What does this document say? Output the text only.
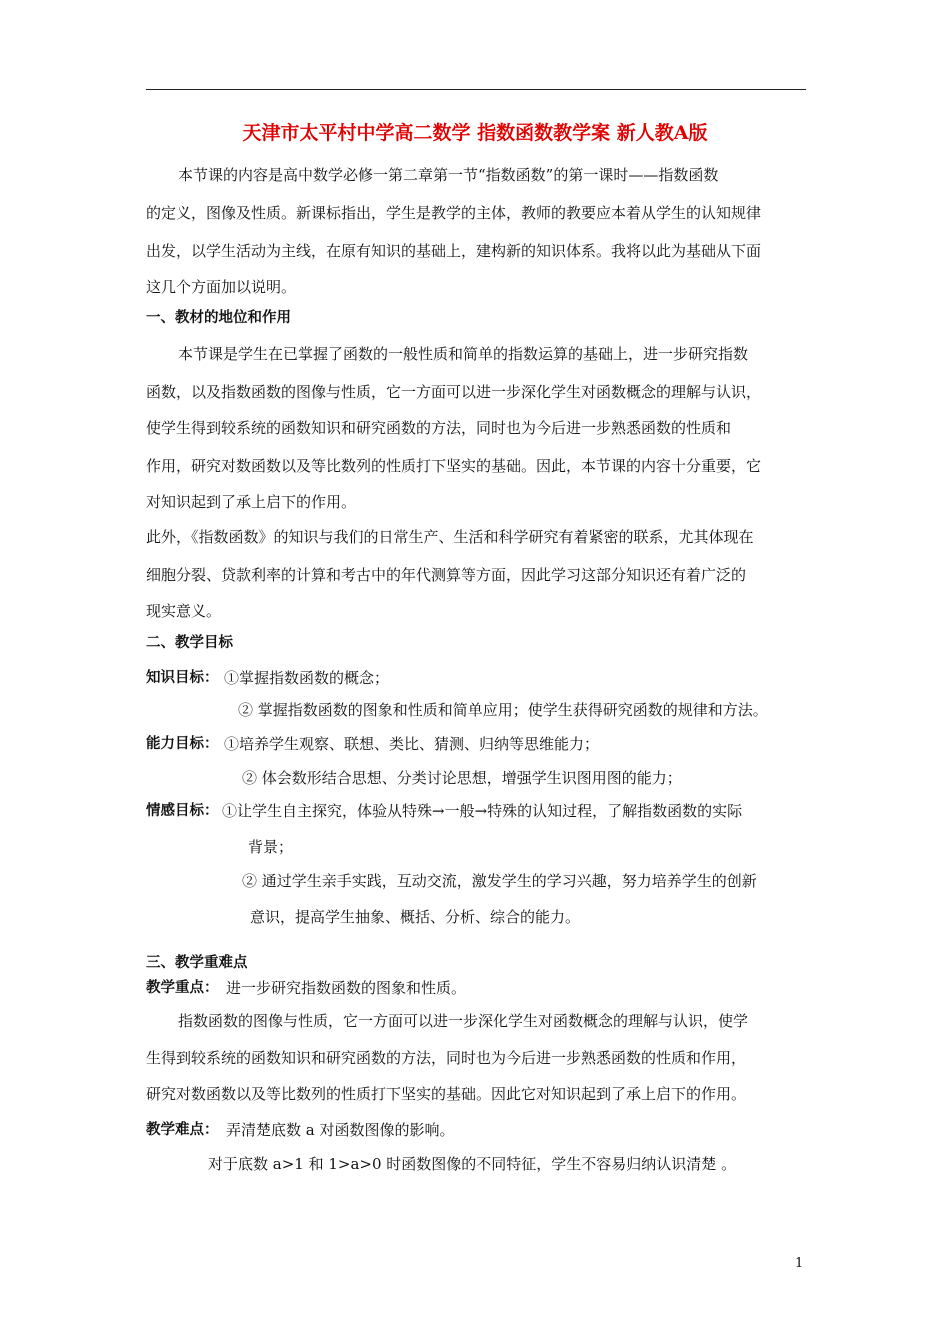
天津市太平村中学高二数学 指数函数教学案 新人教A版
本节课的内容是高中数学必修一第二章第一节“指数函数”的第一课时——指数函数
的定义，图像及性质。新课标指出，学生是教学的主体，教师的教要应本着从学生的认知规律
出发，以学生活动为主线，在原有知识的基础上，建构新的知识体系。我将以此为基础从下面
这几个方面加以说明。
一、教材的地位和作用
本节课是学生在已掌握了函数的一般性质和简单的指数运算的基础上，进一步研究指数
函数，以及指数函数的图像与性质，它一方面可以进一步深化学生对函数概念的理解与认识，
使学生得到较系统的函数知识和研究函数的方法，同时也为今后进一步熟悉函数的性质和
作用，研究对数函数以及等比数列的性质打下坚实的基础。因此，本节课的内容十分重要，它
对知识起到了承上启下的作用。
此外，《指数函数》的知识与我们的日常生产、生活和科学研究有着紧密的联系，尤其体现在
细胞分裂、贷款利率的计算和考古中的年代测算等方面，因此学习这部分知识还有着广泛的
现实意义。
二、教学目标
知识目标： ①掌握指数函数的概念；
② 掌握指数函数的图象和性质和简单应用；使学生获得研究函数的规律和方法。
能力目标： ①培养学生观察、联想、类比、猜测、归纳等思维能力；
② 体会数形结合思想、分类讨论思想，增强学生识图用图的能力；
情感目标： ①让学生自主探究，体验从特殊→一般→特殊的认知过程，了解指数函数的实际
背景；
② 通过学生亲手实践，互动交流，激发学生的学习兴趣，努力培养学生的创新
意识，提高学生抽象、概括、分析、综合的能力。
三、教学重难点
教学重点： 进一步研究指数函数的图象和性质。
指数函数的图像与性质，它一方面可以进一步深化学生对函数概念的理解与认识，使学
生得到较系统的函数知识和研究函数的方法，同时也为今后进一步熟悉函数的性质和作用，
研究对数函数以及等比数列的性质打下坚实的基础。因此它对知识起到了承上启下的作用。
教学难点： 弄清楚底数 a 对函数图像的影响。
对于底数 a>1 和 1>a>0 时函数图像的不同特征，学生不容易归纳认识清楚 。
1
